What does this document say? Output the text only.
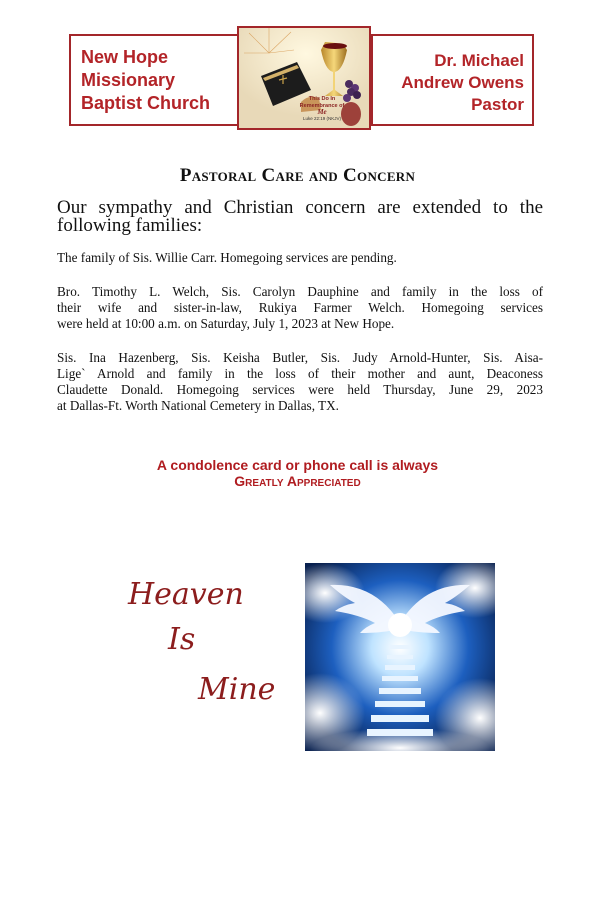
New Hope
Missionary
Baptist Church	This Do In
Remembrance of
Me
Luke 22:19 (NKJV)
Dr. Michael
Andrew Owens
Pastor
Pastoral Care and Concern
Our sympathy and Christian concern are extended to the following families:
The family of Sis. Willie Carr. Homegoing services are pending.
Bro. Timothy L. Welch, Sis. Carolyn Dauphine and family in the loss of
their wife and sister-in-law, Rukiya Farmer Welch. Homegoing services
were held at 10:00 a.m. on Saturday, July 1, 2023 at New Hope.
Sis. Ina Hazenberg, Sis. Keisha Butler, Sis. Judy Arnold-Hunter, Sis. Aisa-
Lige` Arnold and family in the loss of their mother and aunt, Deaconess
Claudette Donald. Homegoing services were held Thursday, June 29, 2023
at Dallas-Ft. Worth National Cemetery in Dallas, TX.
A condolence card or phone call is always
Greatly Appreciated
Heaven
Is
Mine
